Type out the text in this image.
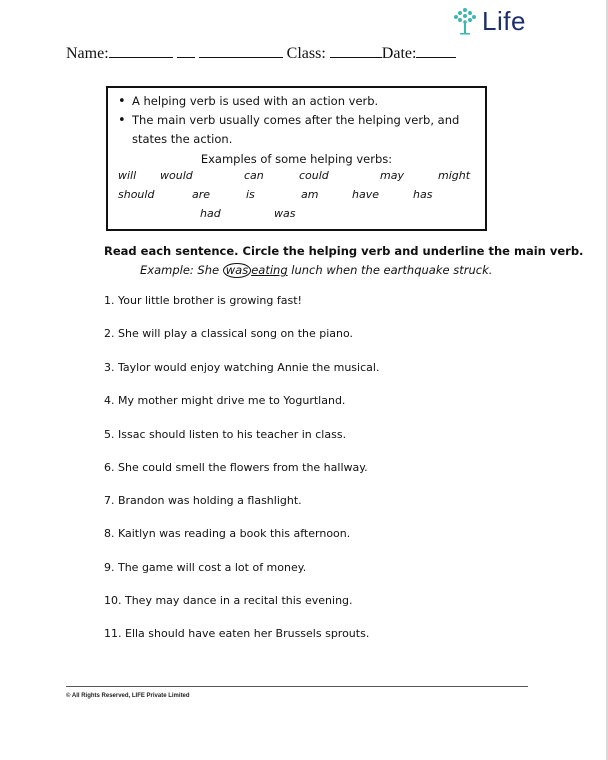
Life
Name:	Class:	Date:
• A helping verb is used with an action verb.
• The main verb usually comes after the helping verb, and states the action.
Examples of some helping verbs:
will would	can	could	may	might
should	are	is	am	have	has
had	was
Read each sentence. Circle the helping verb and underline the main verb.
Example: She was eating lunch when the earthquake struck.
1. Your little brother is growing fast!
2. She will play a classical song on the piano.
3. Taylor would enjoy watching Annie the musical.
4. My mother might drive me to Yogurtland.
5. Issac should listen to his teacher in class.
6. She could smell the flowers from the hallway.
7. Brandon was holding a flashlight.
8. Kaitlyn was reading a book this afternoon.
9. The game will cost a lot of money.
10. They may dance in a recital this evening.
11. Ella should have eaten her Brussels sprouts.
© All Rights Reserved, LIFE Private Limited
